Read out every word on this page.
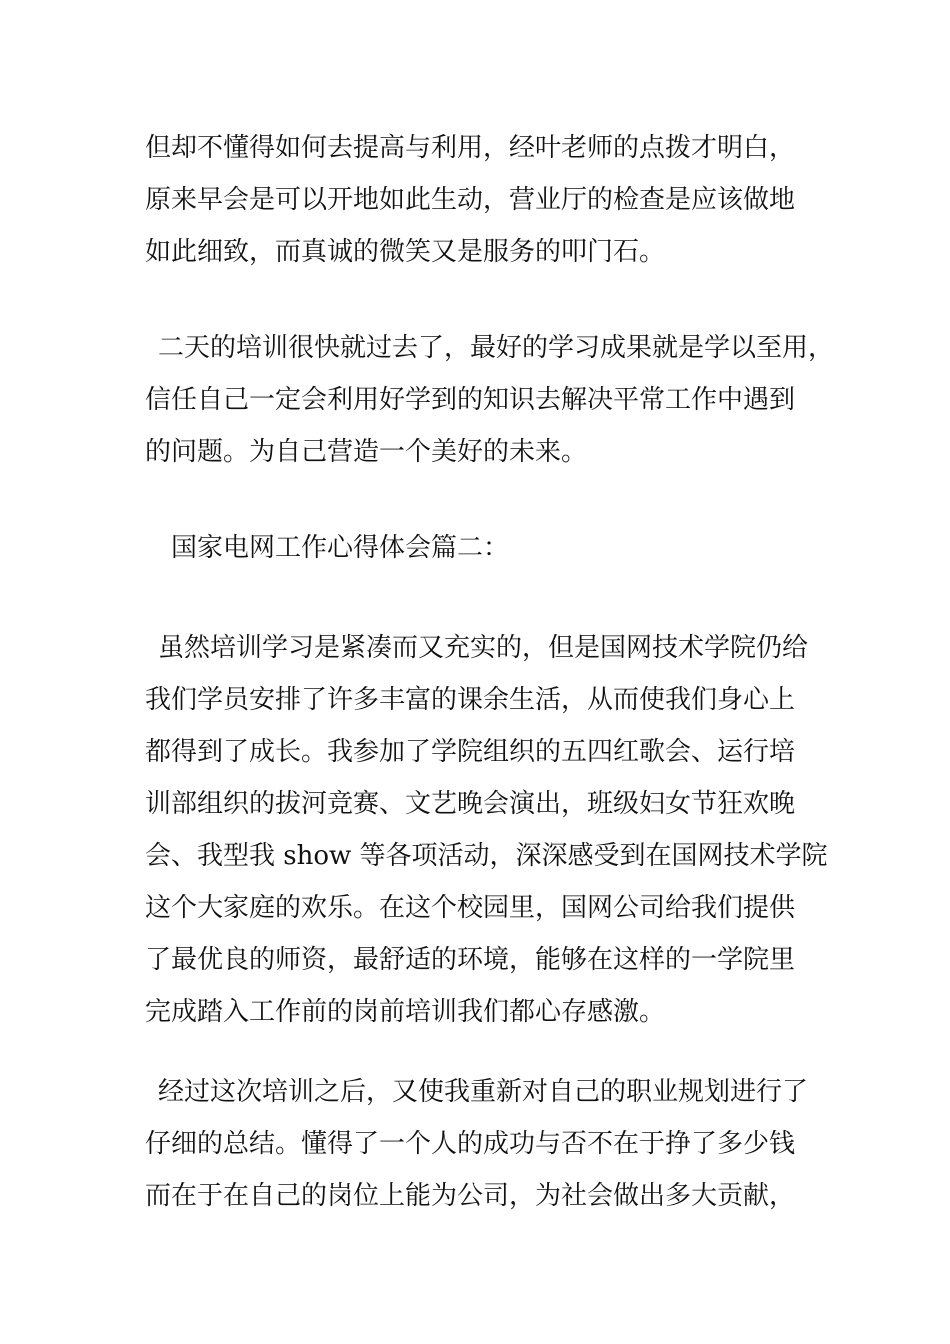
但却不懂得如何去提高与利用，经叶老师的点拨才明白，
原来早会是可以开地如此生动，营业厅的检查是应该做地
如此细致，而真诚的微笑又是服务的叩门石。
二天的培训很快就过去了，最好的学习成果就是学以至用，
信任自己一定会利用好学到的知识去解决平常工作中遇到
的问题。为自己营造一个美好的未来。
国家电网工作心得体会篇二：
虽然培训学习是紧凑而又充实的，但是国网技术学院仍给
我们学员安排了许多丰富的课余生活，从而使我们身心上
都得到了成长。我参加了学院组织的五四红歌会、运行培
训部组织的拔河竞赛、文艺晚会演出，班级妇女节狂欢晚
会、我型我 show 等各项活动，深深感受到在国网技术学院
这个大家庭的欢乐。在这个校园里，国网公司给我们提供
了最优良的师资，最舒适的环境，能够在这样的一学院里
完成踏入工作前的岗前培训我们都心存感激。
经过这次培训之后，又使我重新对自己的职业规划进行了
仔细的总结。懂得了一个人的成功与否不在于挣了多少钱
而在于在自己的岗位上能为公司，为社会做出多大贡献，
